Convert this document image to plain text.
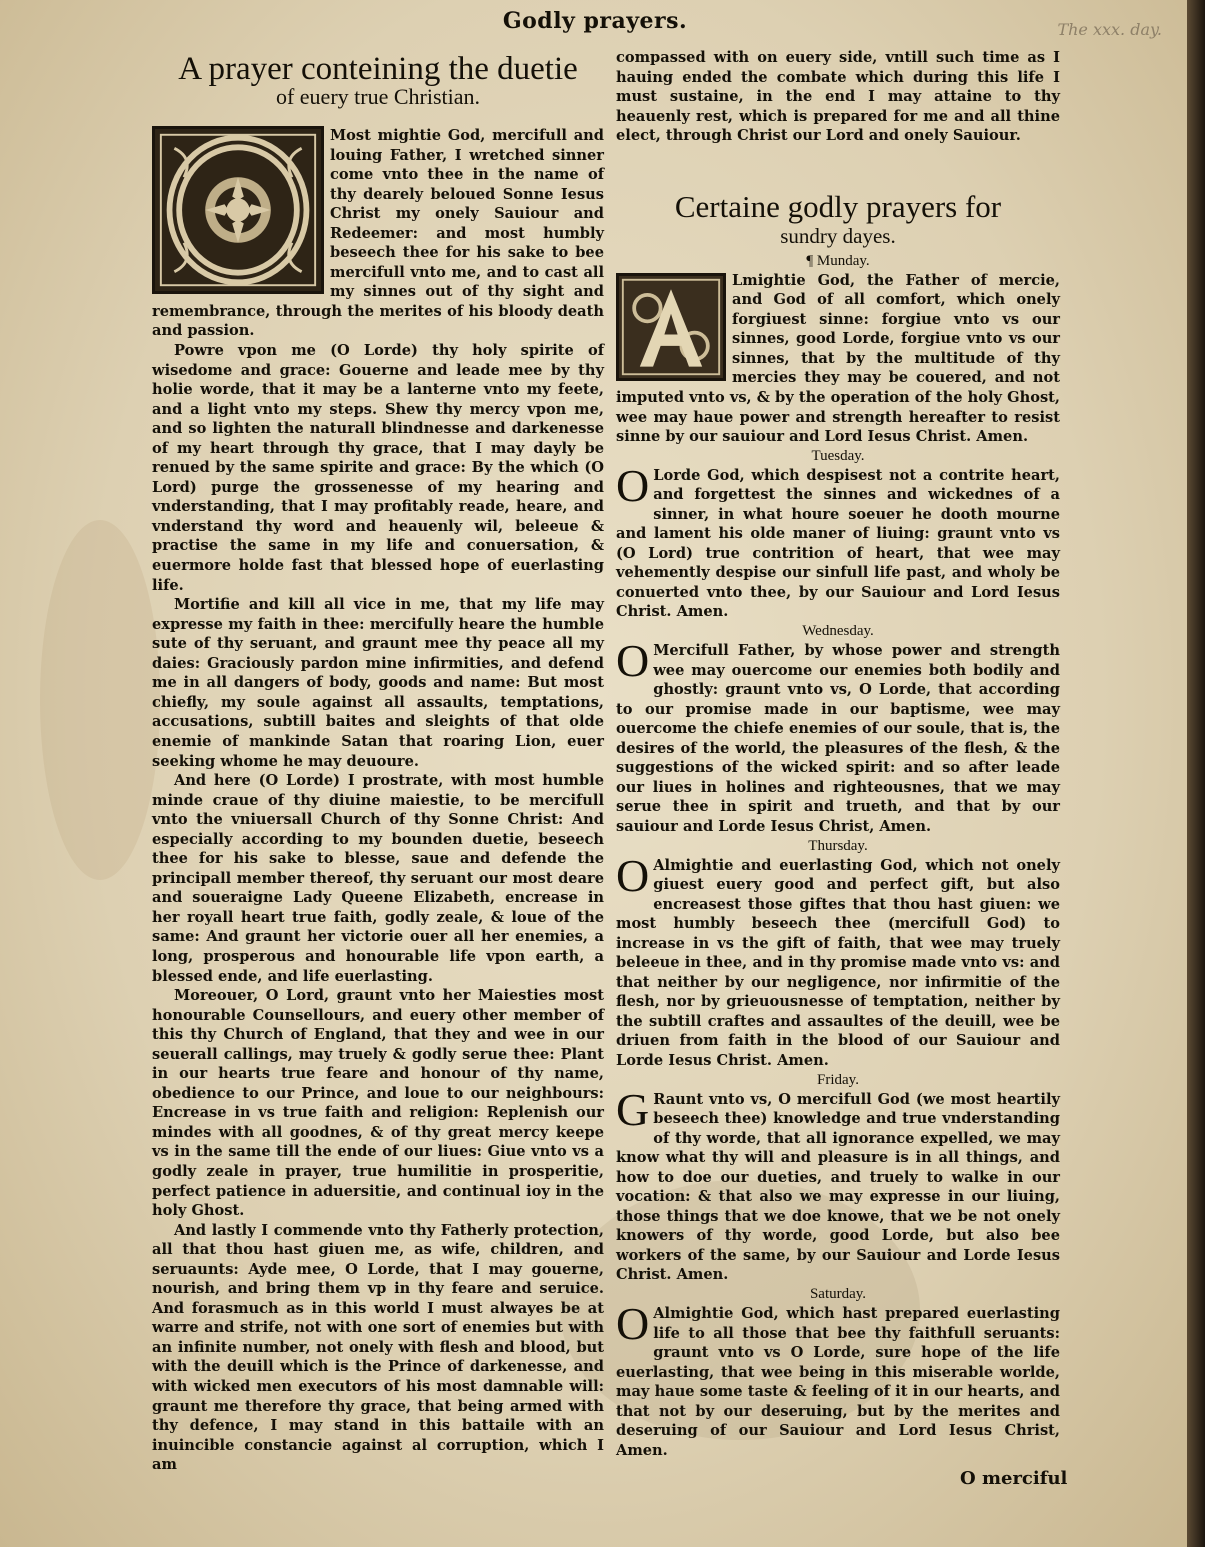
Godly prayers.	The xxx. day.
A prayer conteining the duetie
of euery true Christian.

Most mightie God, mercifull and louing Father, I wretched sinner come vnto thee in the name of thy dearely beloued Sonne Iesus Christ my onely Sauiour and Redeemer: and most humbly beseech thee for his sake to bee mercifull vnto me, and to cast all my sinnes out of thy sight and remembrance, through the merites of his bloody death and passion.

Powre vpon me (O Lorde) thy holy spirite of wisedome and grace: Gouerne and leade mee by thy holie worde, that it may be a lanterne vnto my feete, and a light vnto my steps. Shew thy mercy vpon me, and so lighten the naturall blindnesse and darkenesse of my heart through thy grace, that I may dayly be renued by the same spirite and grace: By the which (O Lord) purge the grossenesse of my hearing and vnderstanding, that I may profitably reade, heare, and vnderstand thy word and heauenly wil, beleeue & practise the same in my life and conuersation, & euermore holde fast that blessed hope of euerlasting life.

Mortifie and kill all vice in me, that my life may expresse my faith in thee: mercifully heare the humble sute of thy seruant, and graunt mee thy peace all my daies: Graciously pardon mine infirmities, and defend me in all dangers of body, goods and name: But most chiefly, my soule against all assaults, temptations, accusations, subtill baites and sleights of that olde enemie of mankinde Satan that roaring Lion, euer seeking whome he may deuoure.

And here (O Lorde) I prostrate, with most humble minde craue of thy diuine maiestie, to be mercifull vnto the vniuersall Church of thy Sonne Christ: And especially according to my bounden duetie, beseech thee for his sake to blesse, saue and defende the principall member thereof, thy seruant our most deare and soueraigne Lady Queene Elizabeth, encrease in her royall heart true faith, godly zeale, & loue of the same: And graunt her victorie ouer all her enemies, a long, prosperous and honourable life vpon earth, a blessed ende, and life euerlasting.

Moreouer, O Lord, graunt vnto her Maiesties most honourable Counsellours, and euery other member of this thy Church of England, that they and wee in our seuerall callings, may truely & godly serue thee: Plant in our hearts true feare and honour of thy name, obedience to our Prince, and loue to our neighbours: Encrease in vs true faith and religion: Replenish our mindes with all goodnes, & of thy great mercy keepe vs in the same till the ende of our liues: Giue vnto vs a godly zeale in prayer, true humilitie in prosperitie, perfect patience in aduersitie, and continual ioy in the holy Ghost.

And lastly I commende vnto thy Fatherly protection, all that thou hast giuen me, as wife, children, and seruaunts: Ayde mee, O Lorde, that I may gouerne, nourish, and bring them vp in thy feare and seruice. And forasmuch as in this world I must alwayes be at warre and strife, not with one sort of enemies but with an infinite number, not onely with flesh and blood, but with the deuill which is the Prince of darkenesse, and with wicked men executors of his most damnable will: graunt me therefore thy grace, that being armed with thy defence, I may stand in this battaile with an inuincible constancie against al corruption, which I am

compassed with on euery side, vntill such time as I hauing ended the combate which during this life I must sustaine, in the end I may attaine to thy heauenly rest, which is prepared for me and all thine elect, through Christ our Lord and onely Sauiour.

Certaine godly prayers for
sundry dayes.
¶ Munday.

Lmightie God, the Father of mercie, and God of all comfort, which onely forgiuest sinne: forgiue vnto vs our sinnes, good Lorde, forgiue vnto vs our sinnes, that by the multitude of thy mercies they may be couered, and not imputed vnto vs, & by the operation of the holy Ghost, wee may haue power and strength hereafter to resist sinne by our sauiour and Lord Iesus Christ. Amen.

Tuesday.

O Lorde God, which despisest not a contrite heart, and forgettest the sinnes and wickednes of a sinner, in what houre soeuer he dooth mourne and lament his olde maner of liuing: graunt vnto vs (O Lord) true contrition of heart, that wee may vehemently despise our sinfull life past, and wholy be conuerted vnto thee, by our Sauiour and Lord Iesus Christ. Amen.

Wednesday.

O Mercifull Father, by whose power and strength wee may ouercome our enemies both bodily and ghostly: graunt vnto vs, O Lorde, that according to our promise made in our baptisme, wee may ouercome the chiefe enemies of our soule, that is, the desires of the world, the pleasures of the flesh, & the suggestions of the wicked spirit: and so after leade our liues in holines and righteousnes, that we may serue thee in spirit and trueth, and that by our sauiour and Lorde Iesus Christ, Amen.

Thursday.

O Almightie and euerlasting God, which not onely giuest euery good and perfect gift, but also encreasest those giftes that thou hast giuen: we most humbly beseech thee (mercifull God) to increase in vs the gift of faith, that wee may truely beleeue in thee, and in thy promise made vnto vs: and that neither by our negligence, nor infirmitie of the flesh, nor by grieuousnesse of temptation, neither by the subtill craftes and assaultes of the deuill, wee be driuen from faith in the blood of our Sauiour and Lorde Iesus Christ. Amen.

Friday.

G Raunt vnto vs, O mercifull God (we most heartily beseech thee) knowledge and true vnderstanding of thy worde, that all ignorance expelled, we may know what thy will and pleasure is in all things, and how to doe our dueties, and truely to walke in our vocation: & that also we may expresse in our liuing, those things that we doe knowe, that we be not onely knowers of thy worde, good Lorde, but also bee workers of the same, by our Sauiour and Lorde Iesus Christ. Amen.

Saturday.

O Almightie God, which hast prepared euerlasting life to all those that bee thy faithfull seruants: graunt vnto vs O Lorde, sure hope of the life euerlasting, that wee being in this miserable worlde, may haue some taste & feeling of it in our hearts, and that not by our deseruing, but by the merites and deseruing of our Sauiour and Lord Iesus Christ, Amen.

O merciful
